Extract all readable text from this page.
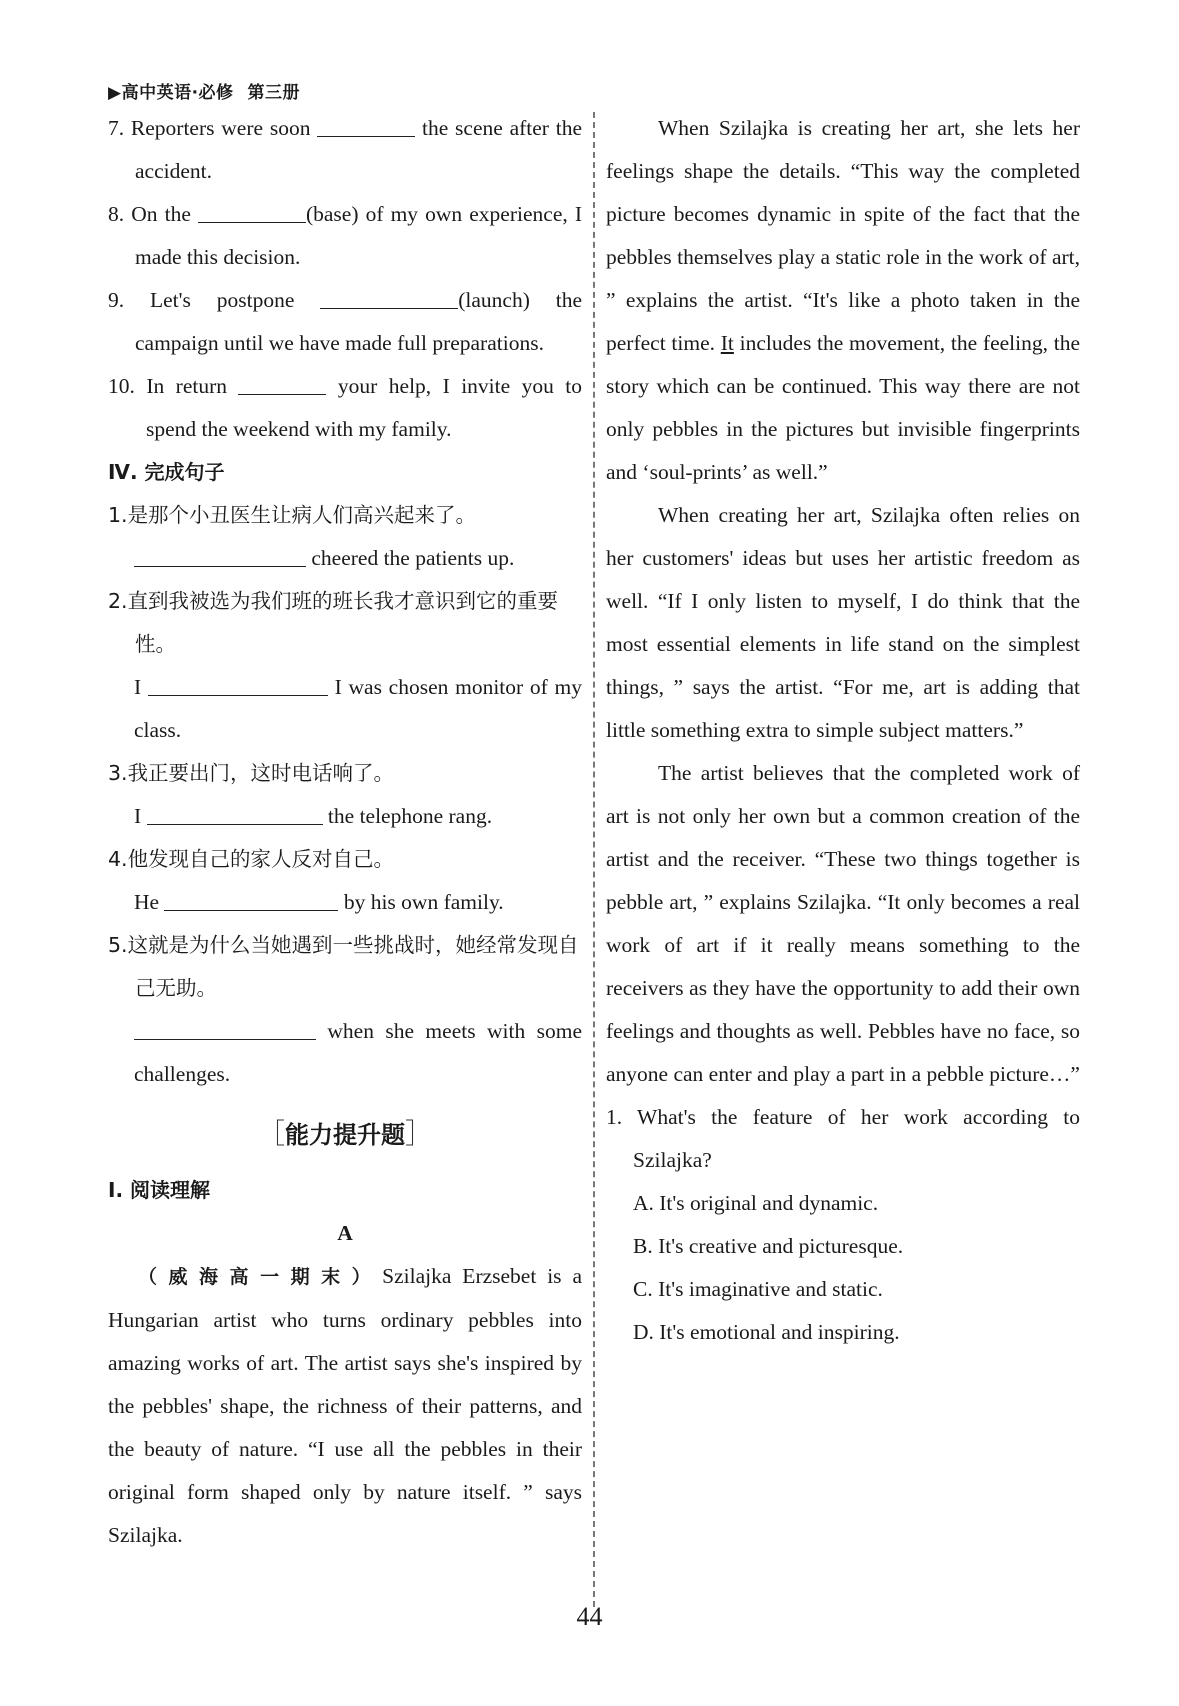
▶高中英语·必修 第三册
7. Reporters were soon	the scene after the accident.
8. On the	(base) of my own experience, I made this decision.
9. Let's postpone	(launch) the campaign until we have made full preparations.
10. In return	your help, I invite you to spend the weekend with my family.
Ⅳ. 完成句子
1.是那个小丑医生让病人们高兴起来了。
cheered the patients up.
2.直到我被选为我们班的班长我才意识到它的重要性。
I	I was chosen monitor of my class.
3.我正要出门，这时电话响了。
I	the telephone rang.
4.他发现自己的家人反对自己。
He	by his own family.
5.这就是为什么当她遇到一些挑战时，她经常发现自己无助。
when she meets with some challenges.
［能力提升题］
Ⅰ. 阅读理解
A
（威海高一期末）Szilajka Erzsebet is a Hungarian artist who turns ordinary pebbles into amazing works of art. The artist says she's inspired by the pebbles' shape, the richness of their patterns, and the beauty of nature. “I use all the pebbles in their original form shaped only by nature itself. ” says Szilajka.
When Szilajka is creating her art, she lets her feelings shape the details. “This way the completed picture becomes dynamic in spite of the fact that the pebbles themselves play a static role in the work of art, ” explains the artist. “It's like a photo taken in the perfect time. It includes the movement, the feeling, the story which can be continued. This way there are not only pebbles in the pictures but invisible fingerprints and ‘soul-prints’ as well.”
When creating her art, Szilajka often relies on her customers' ideas but uses her artistic freedom as well. “If I only listen to myself, I do think that the most essential elements in life stand on the simplest things, ” says the artist. “For me, art is adding that little something extra to simple subject matters.”
The artist believes that the completed work of art is not only her own but a common creation of the artist and the receiver. “These two things together is pebble art, ” explains Szilajka. “It only becomes a real work of art if it really means something to the receivers as they have the opportunity to add their own feelings and thoughts as well. Pebbles have no face, so anyone can enter and play a part in a pebble picture…”
1. What's the feature of her work according to Szilajka?
A. It's original and dynamic.
B. It's creative and picturesque.
C. It's imaginative and static.
D. It's emotional and inspiring.
44
